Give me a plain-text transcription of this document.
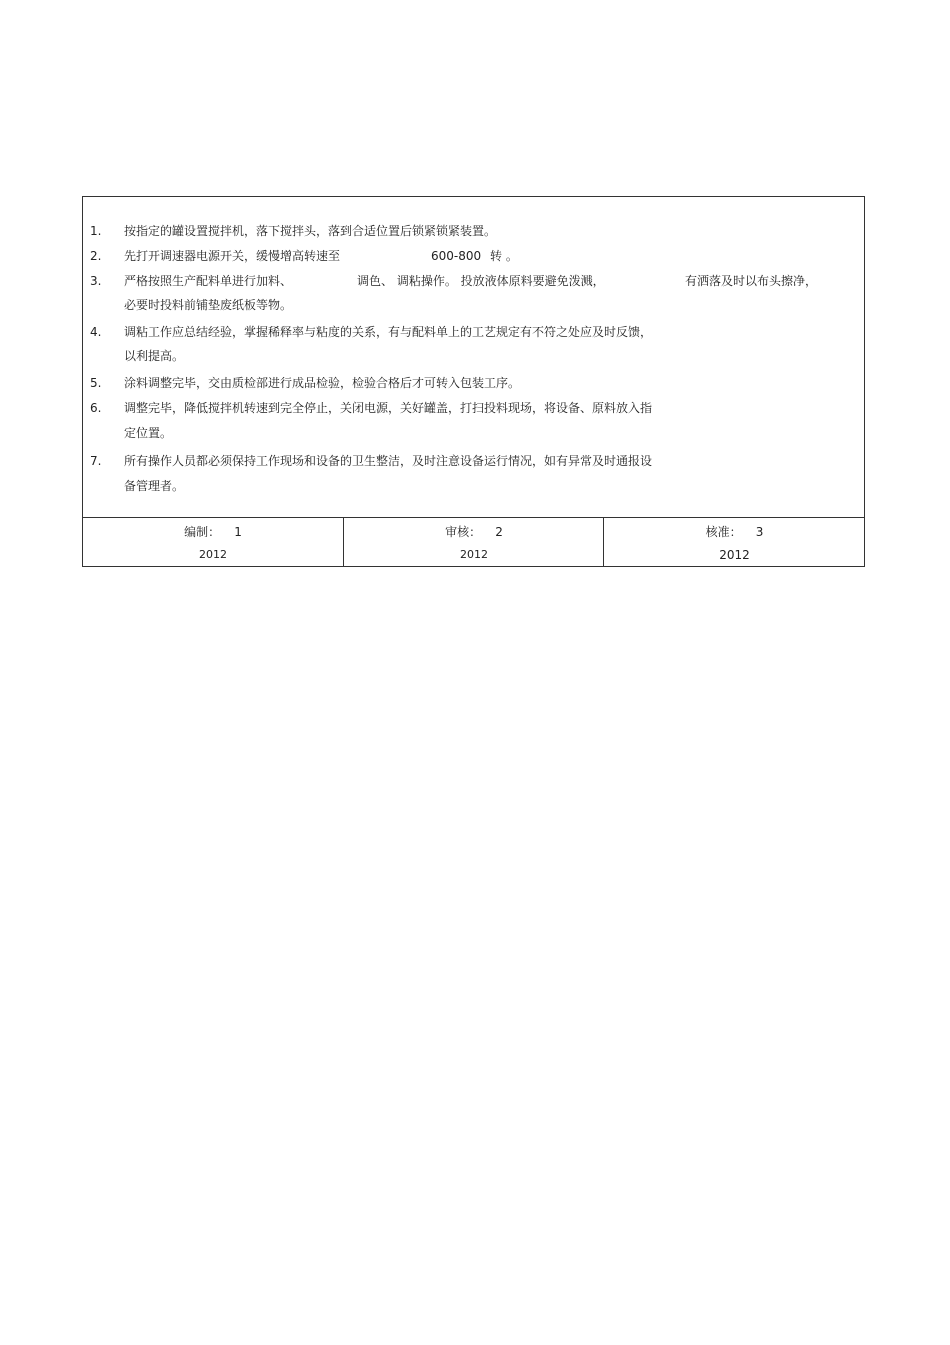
1. 按指定的罐设置搅拌机，落下搅拌头，落到合适位置后锁紧锁紧装置。
2. 先打开调速器电源开关，缓慢增高转速至	600-800 转 。
3. 严格按照生产配料单进行加料、	调色、 调粘操作。 投放液体原料要避免泼溅，	有洒落及时以布头擦净，
必要时投料前铺垫废纸板等物。
4. 调粘工作应总结经验，掌握稀释率与粘度的关系，有与配料单上的工艺规定有不符之处应及时反馈，
以利提高。
5. 涂料调整完毕，交由质检部进行成品检验，检验合格后才可转入包装工序。
6. 调整完毕，降低搅拌机转速到完全停止，关闭电源，关好罐盖，打扫投料现场，将设备、原料放入指
定位置。
7. 所有操作人员都必须保持工作现场和设备的卫生整洁，及时注意设备运行情况，如有异常及时通报设
备管理者。
编制： 1
2012
审核： 2
2012
核准： 3
2012
